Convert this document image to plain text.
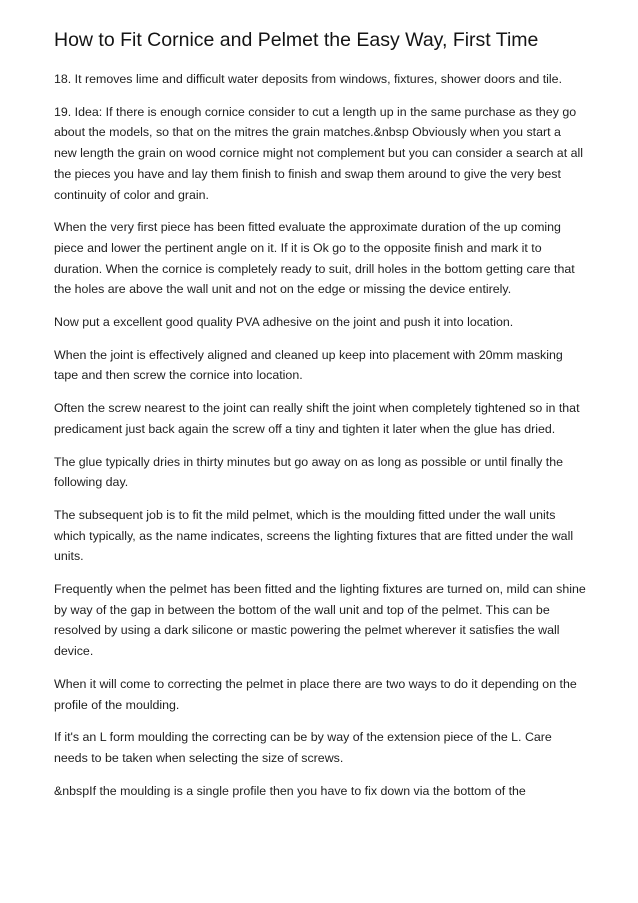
How to Fit Cornice and Pelmet the Easy Way, First Time

18. It removes lime and difficult water deposits from windows, fixtures, shower doors and tile.

19. Idea: If there is enough cornice consider to cut a length up in the same purchase as they go about the models, so that on the mitres the grain matches.&nbsp Obviously when you start a new length the grain on wood cornice might not complement but you can consider a search at all the pieces you have and lay them finish to finish and swap them around to give the very best continuity of color and grain.

When the very first piece has been fitted evaluate the approximate duration of the up coming piece and lower the pertinent angle on it. If it is Ok go to the opposite finish and mark it to duration. When the cornice is completely ready to suit, drill holes in the bottom getting care that the holes are above the wall unit and not on the edge or missing the device entirely.

Now put a excellent good quality PVA adhesive on the joint and push it into location.

When the joint is effectively aligned and cleaned up keep into placement with 20mm masking tape and then screw the cornice into location.

Often the screw nearest to the joint can really shift the joint when completely tightened so in that predicament just back again the screw off a tiny and tighten it later when the glue has dried.

The glue typically dries in thirty minutes but go away on as long as possible or until finally the following day.

The subsequent job is to fit the mild pelmet, which is the moulding fitted under the wall units which typically, as the name indicates, screens the lighting fixtures that are fitted under the wall units.

Frequently when the pelmet has been fitted and the lighting fixtures are turned on, mild can shine by way of the gap in between the bottom of the wall unit and top of the pelmet. This can be resolved by using a dark silicone or mastic powering the pelmet wherever it satisfies the wall device.

When it will come to correcting the pelmet in place there are two ways to do it depending on the profile of the moulding.

If it's an L form moulding the correcting can be by way of the extension piece of the L. Care needs to be taken when selecting the size of screws.

&nbspIf the moulding is a single profile then you have to fix down via the bottom of the
